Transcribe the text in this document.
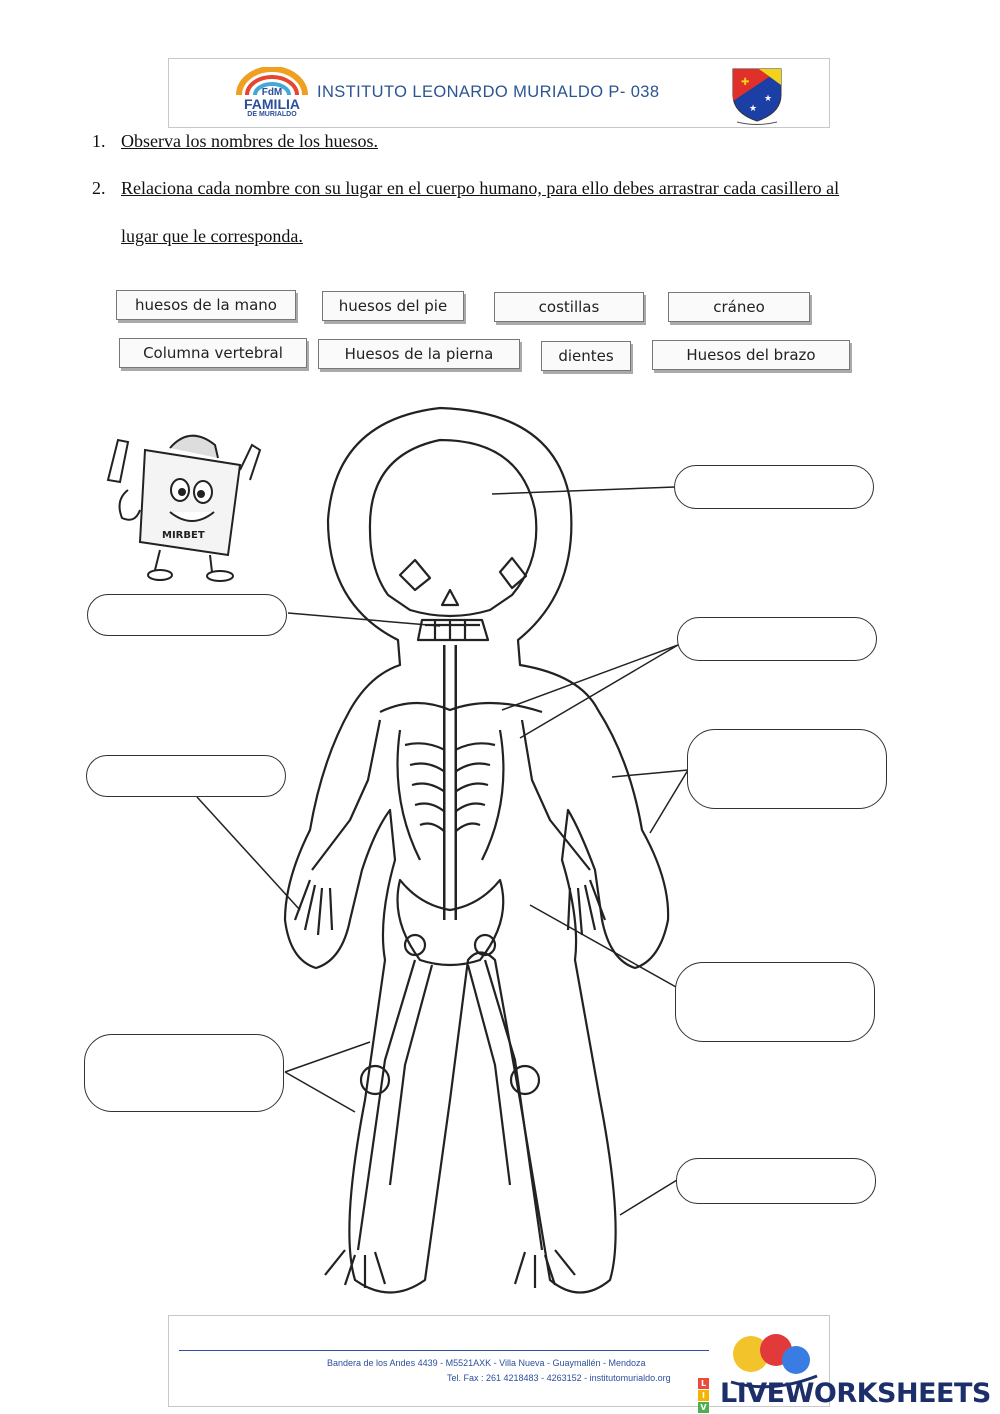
FdM
FAMILIA
DE MURIALDO
INSTITUTO LEONARDO MURIALDO P- 038	★
★
✚
1. Observa los nombres de los huesos.
2. Relaciona cada nombre con su lugar en el cuerpo humano, para ello debes arrastrar cada casillero al
lugar que le corresponda.
huesos de la mano	huesos del pie	costillas	cráneo
Columna vertebral	Huesos de la pierna	dientes	Huesos del brazo
MIRBET
Bandera de los Andes 4439 - M5521AXK - Villa Nueva - Guaymallén - Mendoza
Tel. Fax : 261 4218483 - 4263152 - institutomurialdo.org
L
I
V LIVEWORKSHEETS
